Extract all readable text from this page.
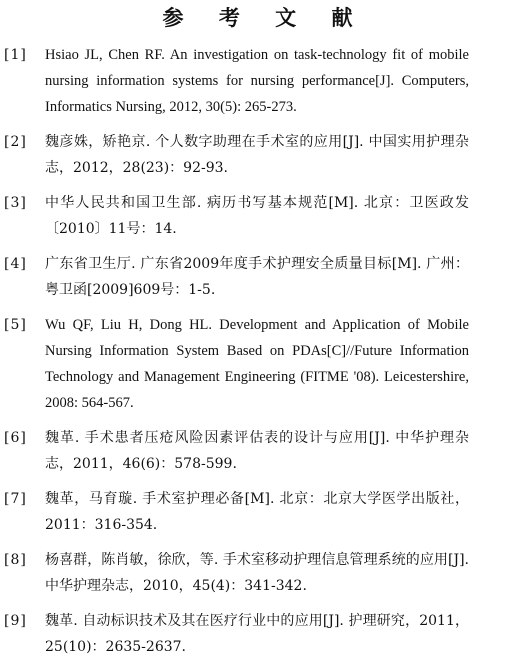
参 考 文 献
[1] Hsiao JL, Chen RF. An investigation on task-technology fit of mobile nursing information systems for nursing performance[J]. Computers, Informatics Nursing, 2012, 30(5): 265-273.
[2] 魏彦姝，矫艳京. 个人数字助理在手术室的应用[J]. 中国实用护理杂志，2012，28(23)：92-93.
[3] 中华人民共和国卫生部. 病历书写基本规范[M]. 北京：卫医政发〔2010〕11号：14.
[4] 广东省卫生厅. 广东省2009年度手术护理安全质量目标[M]. 广州：粤卫函[2009]609号：1-5.
[5] Wu QF, Liu H, Dong HL. Development and Application of Mobile Nursing Information System Based on PDAs[C]//Future Information Technology and Management Engineering (FITME '08). Leicestershire, 2008: 564-567.
[6] 魏革. 手术患者压疮风险因素评估表的设计与应用[J]. 中华护理杂志，2011，46(6)：578-599.
[7] 魏革，马育璇. 手术室护理必备[M]. 北京：北京大学医学出版社，2011：316-354.
[8] 杨喜群，陈肖敏，徐欣，等. 手术室移动护理信息管理系统的应用[J]. 中华护理杂志，2010，45(4)：341-342.
[9] 魏革. 自动标识技术及其在医疗行业中的应用[J]. 护理研究，2011，25(10)：2635-2637.
